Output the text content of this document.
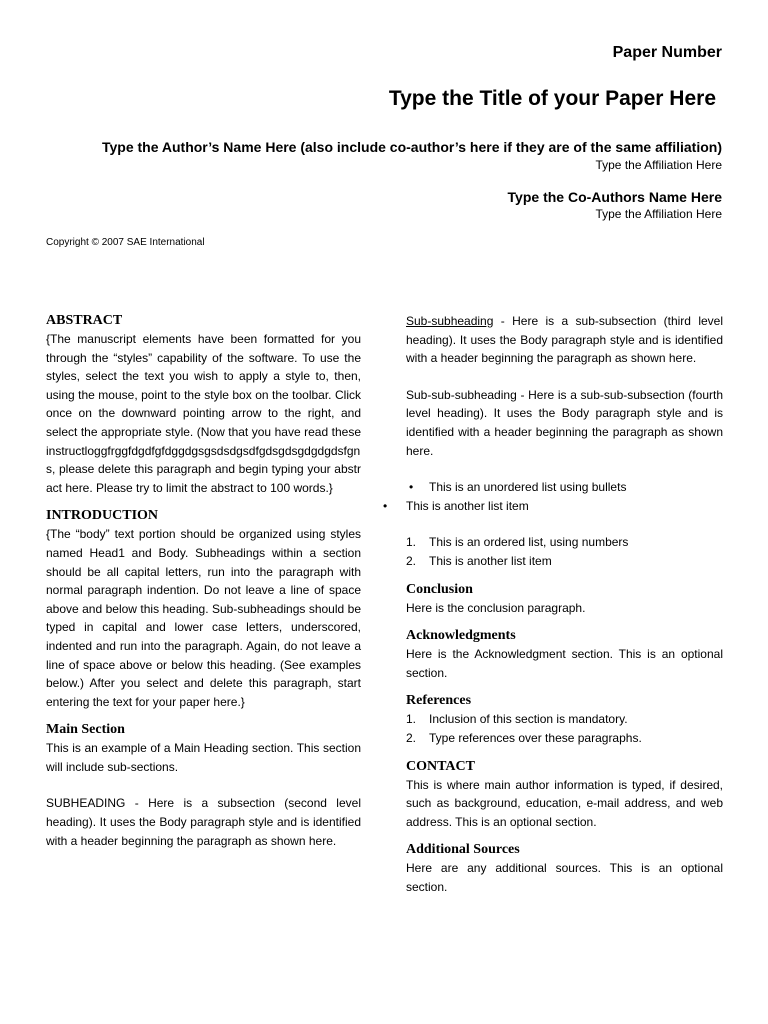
Paper Number
Type the Title of your Paper Here
Type the Author’s Name Here (also include co-author’s here if they are of the same affiliation)
Type the Affiliation Here
Type the Co-Authors Name Here
Type the Affiliation Here
Copyright © 2007 SAE International
ABSTRACT

{The manuscript elements have been formatted for you through the “styles” capability of the software. To use the styles, select the text you wish to apply a style to, then, using the mouse, point to the style box on the toolbar. Click once on the downward pointing arrow to the right, and select the appropriate style. (Now that you have read these

instructloggfrggfdgdfgfdggdgsgsdsdgsdfgdsgdsgdgdgdsfgns, please delete this paragraph and begin typing your abstract here. Please try to limit the abstract to 100 words.}

INTRODUCTION

{The “body” text portion should be organized using styles named Head1 and Body. Subheadings within a section should be all capital letters, run into the paragraph with normal paragraph indention. Do not leave a line of space above and below this heading. Sub-subheadings should be typed in capital and lower case letters, underscored, indented and run into the paragraph. Again, do not leave a line of space above or below this heading. (See examples below.) After you select and delete this paragraph, start entering the text for your paper here.}

Main Section

This is an example of a Main Heading section. This section will include sub-sections.

SUBHEADING - Here is a subsection (second level heading). It uses the Body paragraph style and is identified with a header beginning the paragraph as shown here.

Sub-subheading - Here is a sub-subsection (third level heading). It uses the Body paragraph style and is identified with a header beginning the paragraph as shown here.

Sub-sub-subheading - Here is a sub-sub-subsection (fourth level heading). It uses the Body paragraph style and is identified with a header beginning the paragraph as shown here.

• This is an unordered list using bullets
• This is another list item
1. This is an ordered list, using numbers
2. This is another list item
Conclusion

Here is the conclusion paragraph.

Acknowledgments

Here is the Acknowledgment section. This is an optional section.

References
1. Inclusion of this section is mandatory.
2. Type references over these paragraphs.
CONTACT

This is where main author information is typed, if desired, such as background, education, e-mail address, and web address. This is an optional section.

Additional Sources

Here are any additional sources. This is an optional section.
